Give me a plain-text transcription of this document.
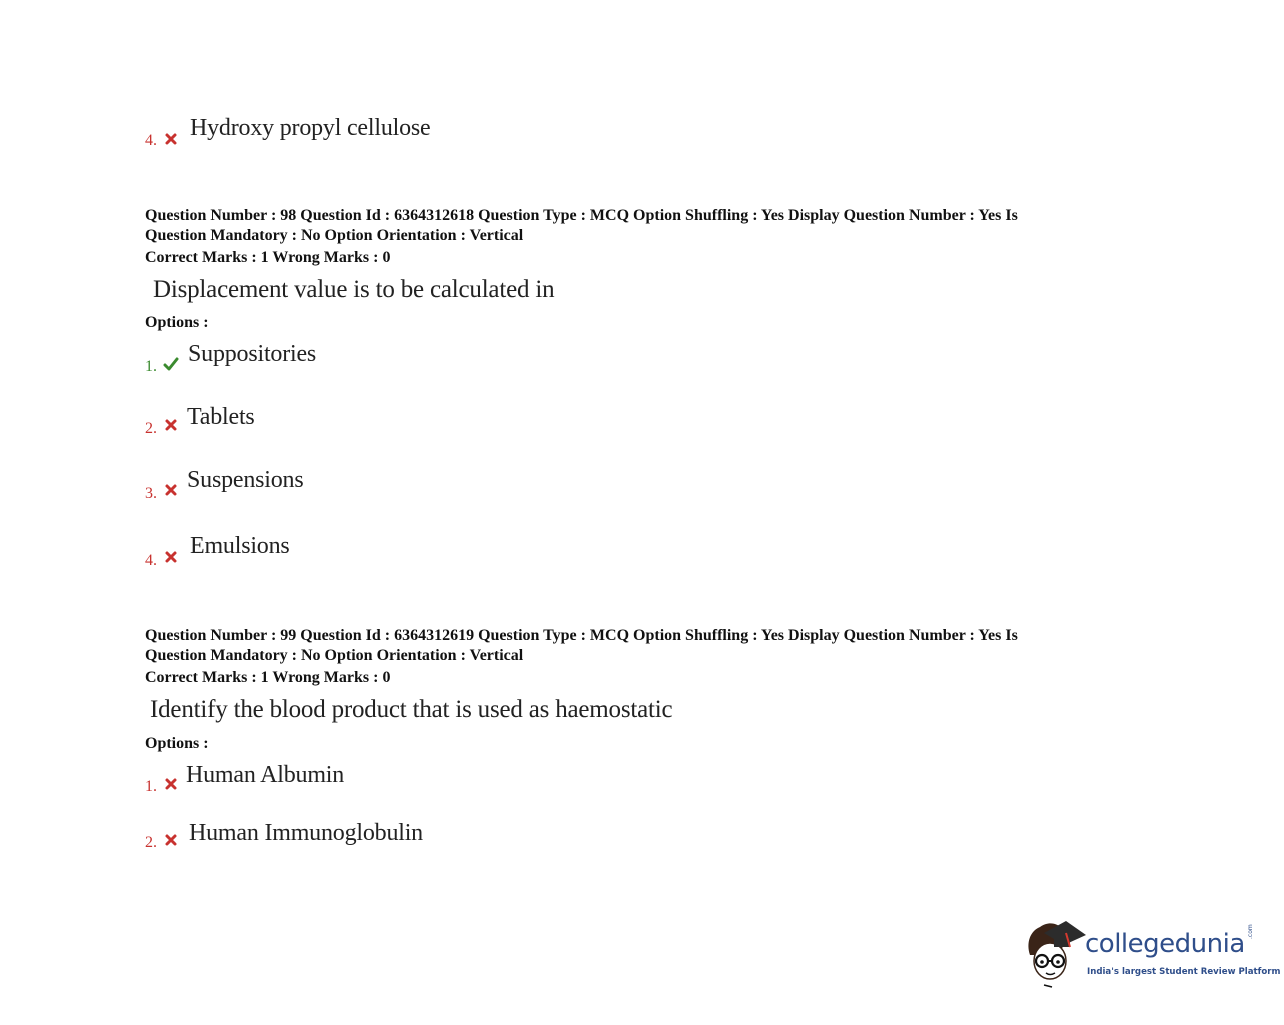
4. Hydroxy propyl cellulose
Question Number : 98 Question Id : 6364312618 Question Type : MCQ Option Shuffling : Yes Display Question Number : Yes Is
Question Mandatory : No Option Orientation : Vertical
Correct Marks : 1 Wrong Marks : 0
Displacement value is to be calculated in
Options :
1. Suppositories
2. Tablets
3.
Suspensions
4.
Emulsions
Question Number : 99 Question Id : 6364312619 Question Type : MCQ Option Shuffling : Yes Display Question Number : Yes Is
Question Mandatory : No Option Orientation : Vertical
Correct Marks : 1 Wrong Marks : 0
Identify the blood product that is used as haemostatic
Options :
1. Human Albumin
2. Human Immunoglobulin
collegedunia .com
India's largest Student Review Platform
